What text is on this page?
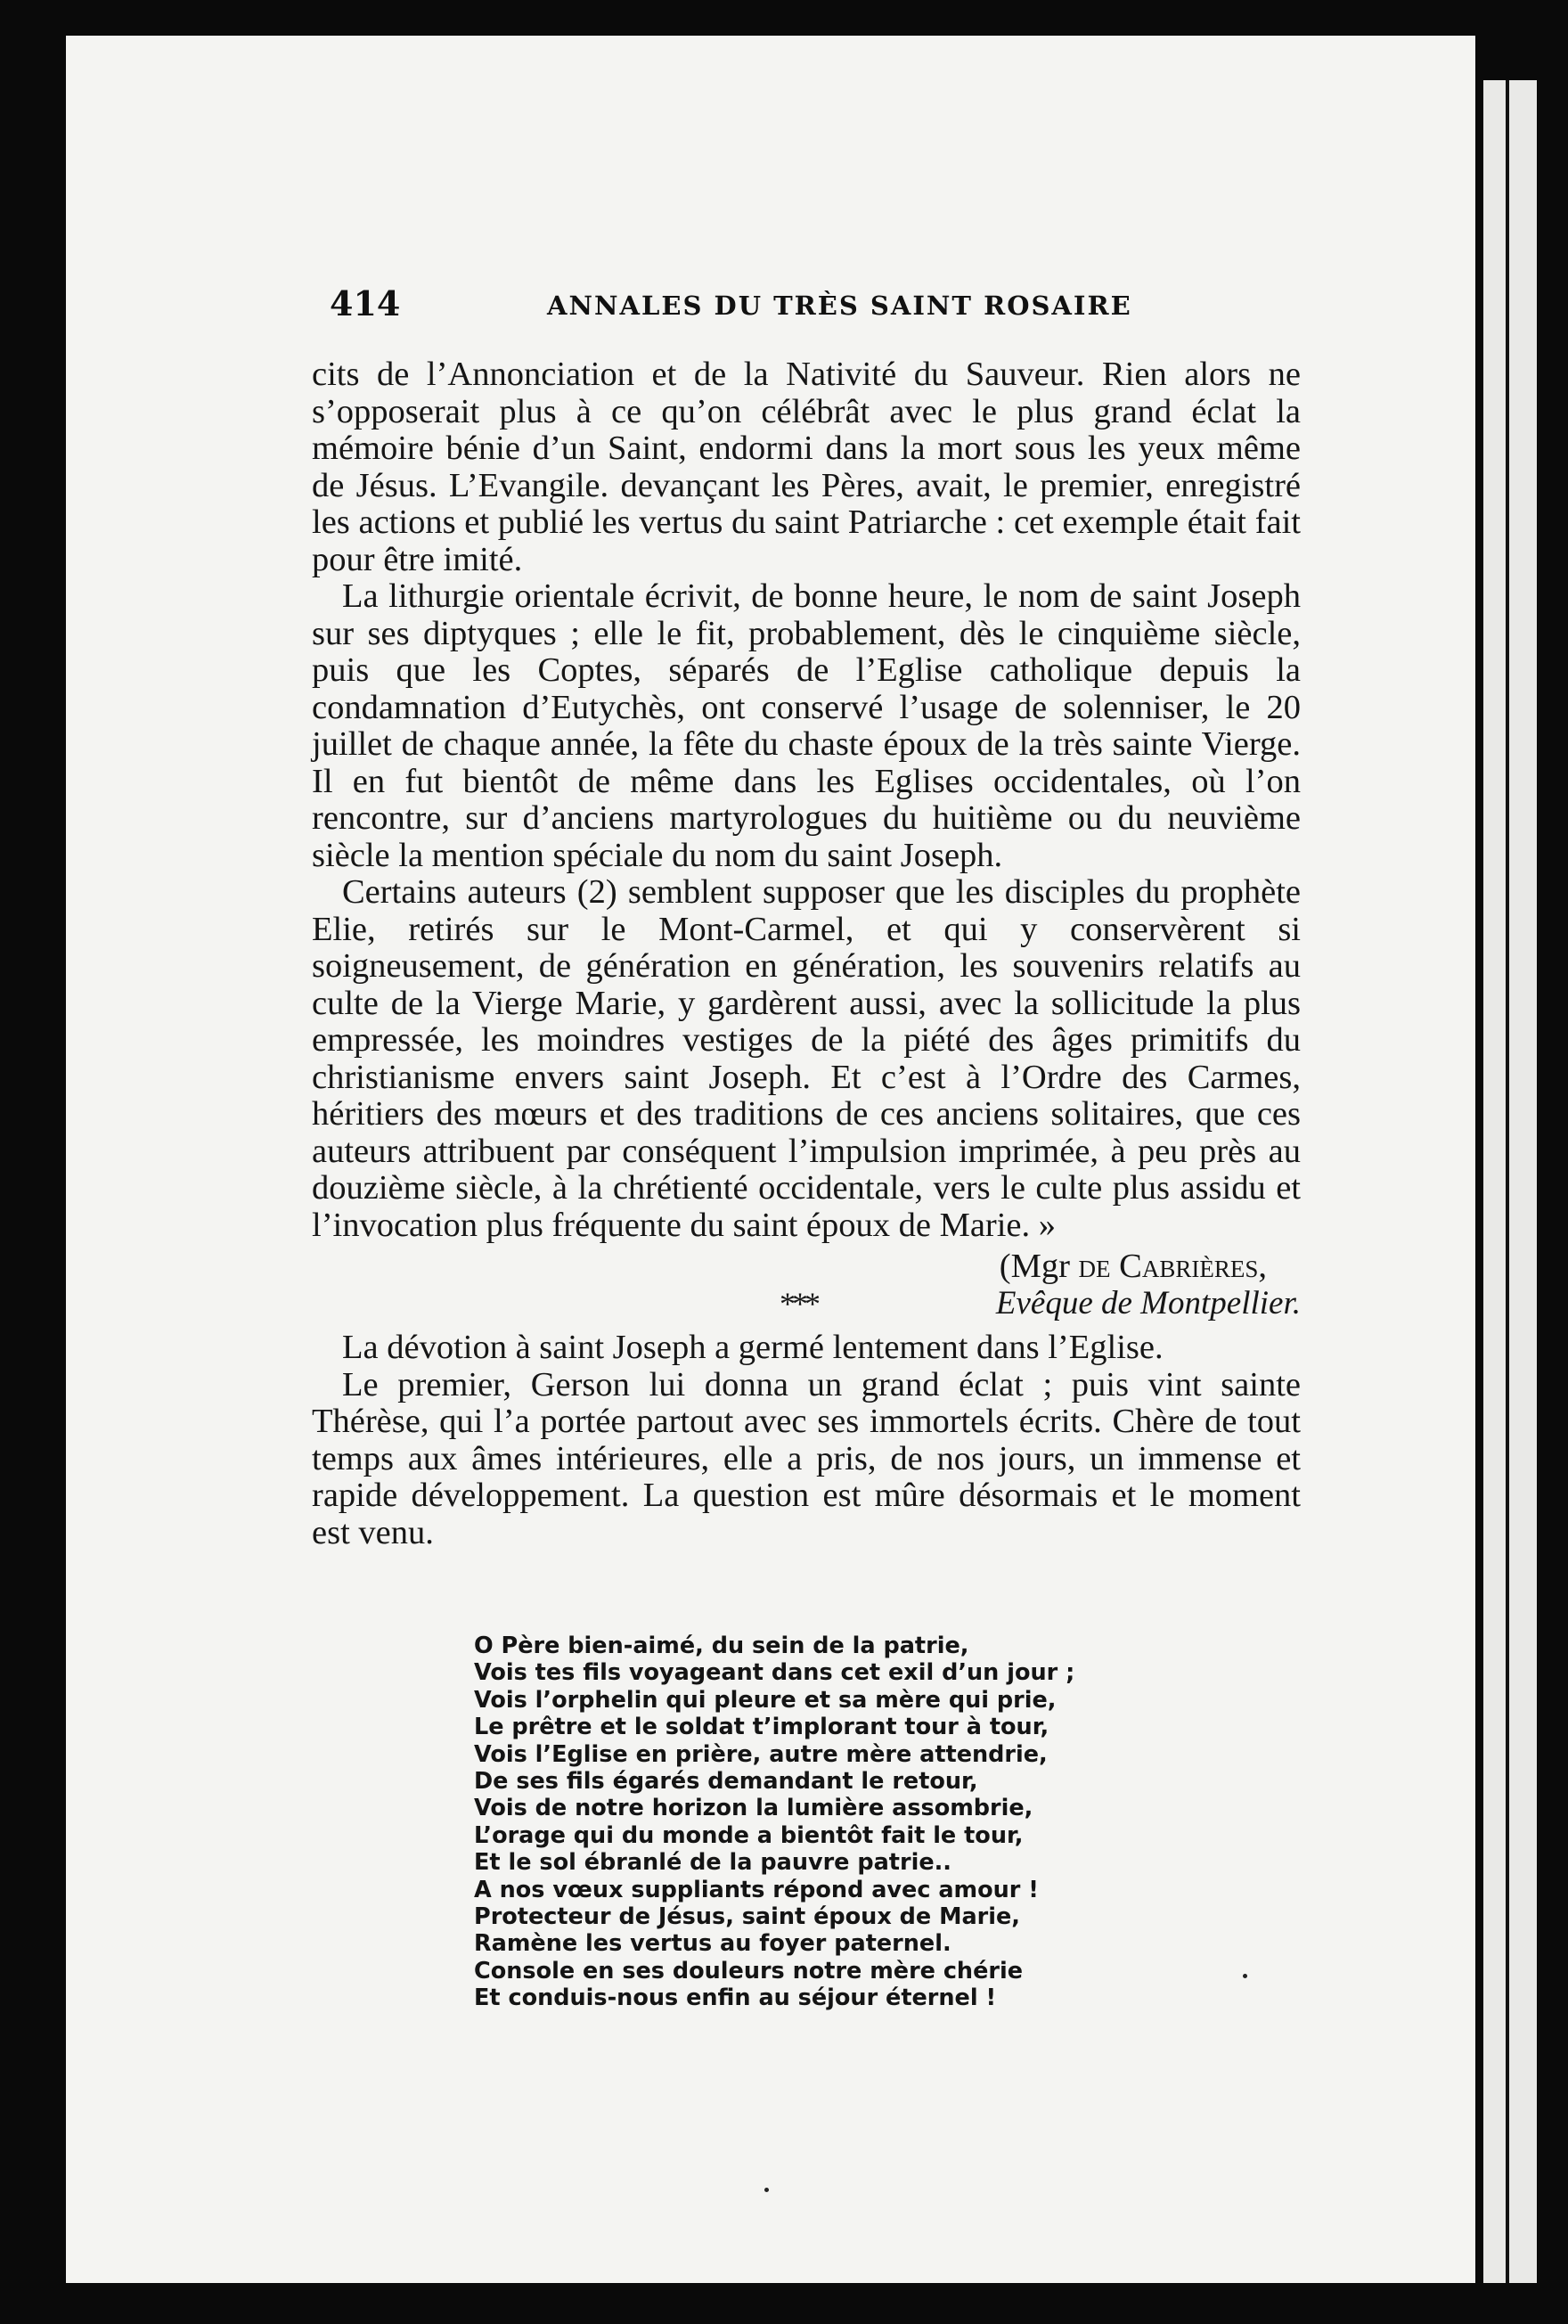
414	ANNALES DU TRÈS SAINT ROSAIRE

cits de l’Annonciation et de la Nativité du Sauveur. Rien alors ne s’opposerait plus à ce qu’on célébrât avec le plus grand éclat la mémoire bénie d’un Saint, endormi dans la mort sous les yeux même de Jésus. L’Evangile. devançant les Pères, avait, le premier, enregistré les actions et publié les vertus du saint Patriarche : cet exemple était fait pour être imité.

La lithurgie orientale écrivit, de bonne heure, le nom de saint Joseph sur ses diptyques ; elle le fit, probablement, dès le cinquième siècle, puis que les Coptes, séparés de l’Eglise catholique depuis la condamnation d’Eutychès, ont conservé l’usage de solenniser, le 20 juillet de chaque année, la fête du chaste époux de la très sainte Vierge. Il en fut bientôt de même dans les Eglises occidentales, où l’on rencontre, sur d’anciens martyrologues du huitième ou du neuvième siècle la mention spéciale du nom du saint Joseph.

Certains auteurs (2) semblent supposer que les disciples du prophète Elie, retirés sur le Mont-Carmel, et qui y conservèrent si soigneusement, de génération en génération, les souvenirs relatifs au culte de la Vierge Marie, y gardèrent aussi, avec la sollicitude la plus empressée, les moindres vestiges de la piété des âges primitifs du christianisme envers saint Joseph. Et c’est à l’Ordre des Carmes, héritiers des mœurs et des traditions de ces anciens solitaires, que ces auteurs attribuent par conséquent l’impulsion imprimée, à peu près au douzième siècle, à la chrétienté occidentale, vers le culte plus assidu et l’invocation plus fréquente du saint époux de Marie. »

(Mgr de Cabrières,
***	Evêque de Montpellier.

La dévotion à saint Joseph a germé lentement dans l’Eglise.

Le premier, Gerson lui donna un grand éclat ; puis vint sainte Thérèse, qui l’a portée partout avec ses immortels écrits. Chère de tout temps aux âmes intérieures, elle a pris, de nos jours, un immense et rapide développement. La question est mûre désormais et le moment est venu.

O Père bien-aimé, du sein de la patrie,
Vois tes fils voyageant dans cet exil d’un jour ;
Vois l’orphelin qui pleure et sa mère qui prie,
Le prêtre et le soldat t’implorant tour à tour,
Vois l’Eglise en prière, autre mère attendrie,
De ses fils égarés demandant le retour,
Vois de notre horizon la lumière assombrie,
L’orage qui du monde a bientôt fait le tour,
Et le sol ébranlé de la pauvre patrie..
A nos vœux suppliants répond avec amour !
Protecteur de Jésus, saint époux de Marie,
Ramène les vertus au foyer paternel.
Console en ses douleurs notre mère chérie
Et conduis-nous enfin au séjour éternel !
